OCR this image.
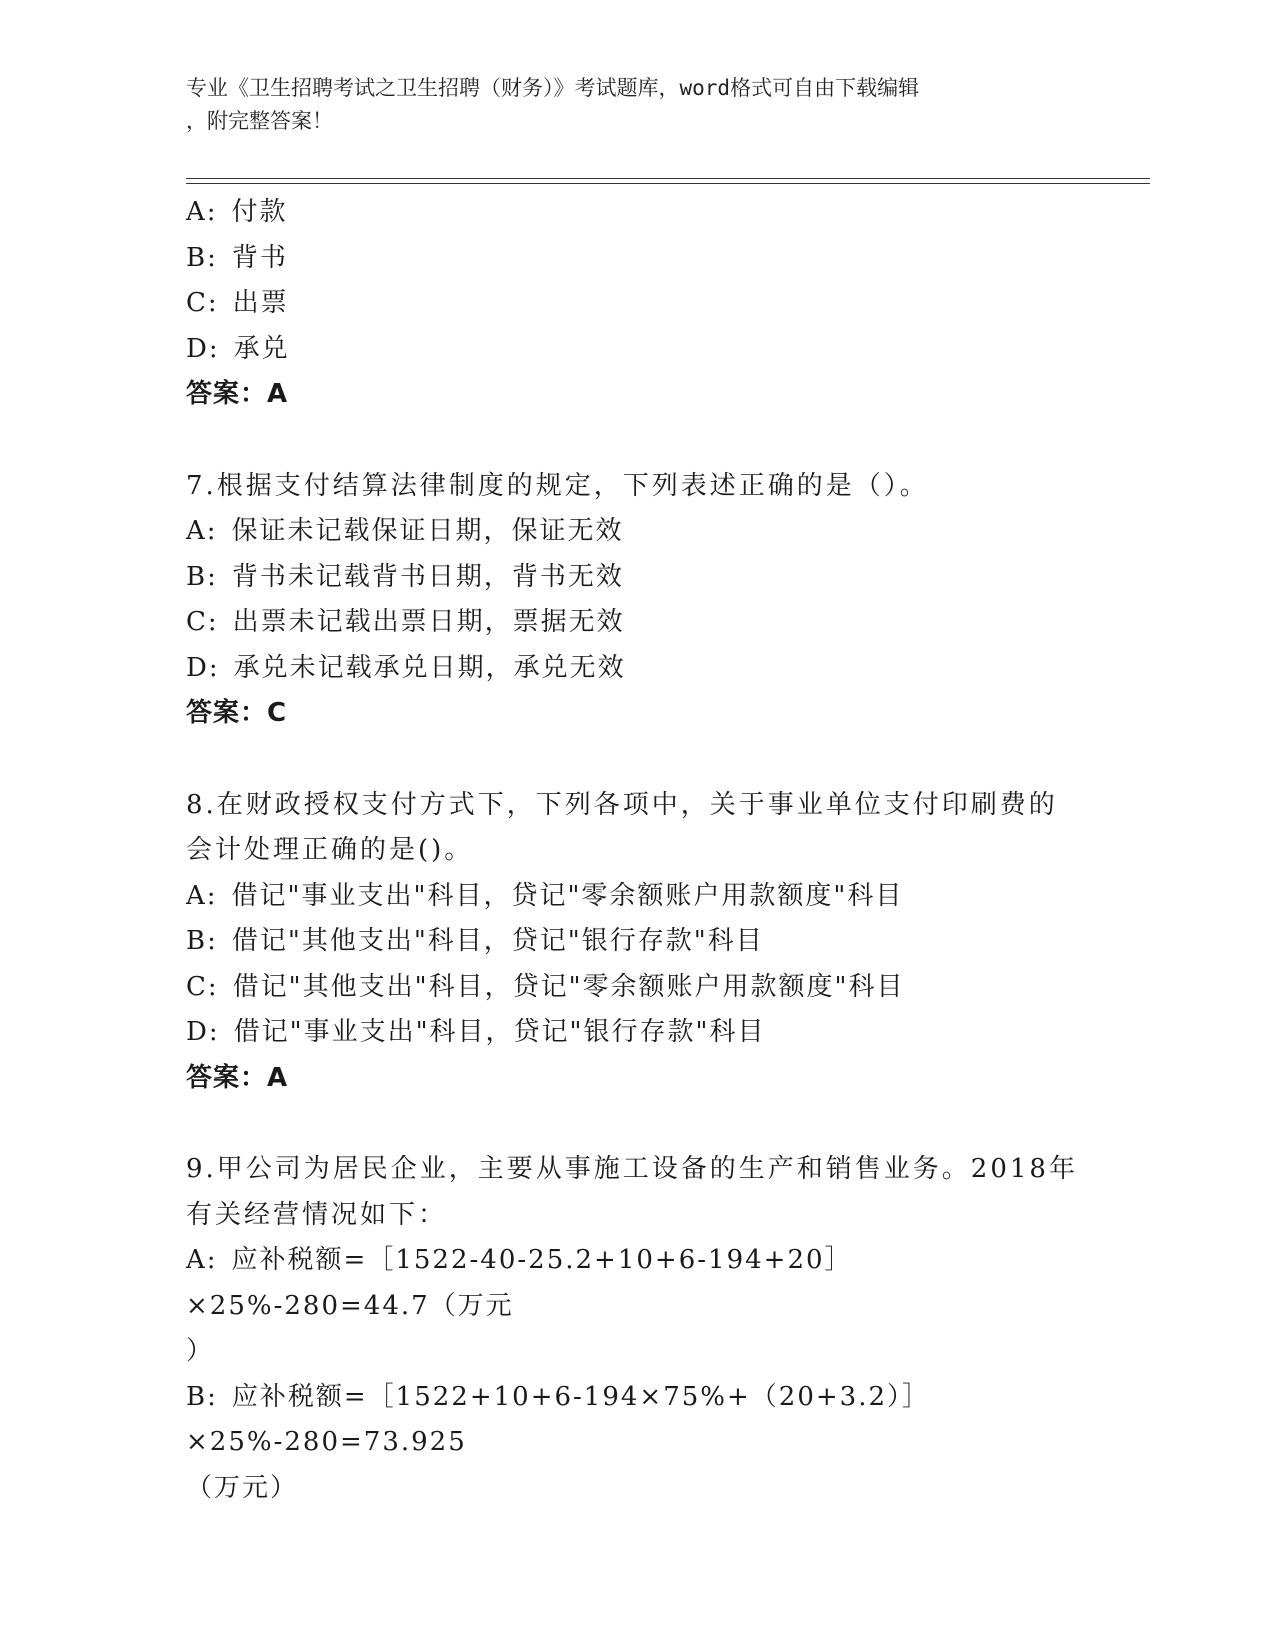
专业《卫生招聘考试之卫生招聘（财务）》考试题库，word格式可自由下载编辑
，附完整答案！
A: 付款
B: 背书
C: 出票
D: 承兑
答案：A
7.根据支付结算法律制度的规定，下列表述正确的是（）。
A: 保证未记载保证日期，保证无效
B: 背书未记载背书日期，背书无效
C: 出票未记载出票日期，票据无效
D: 承兑未记载承兑日期，承兑无效
答案：C
8.在财政授权支付方式下，下列各项中，关于事业单位支付印刷费的
会计处理正确的是()。
A: 借记"事业支出"科目，贷记"零余额账户用款额度"科目
B: 借记"其他支出"科目，贷记"银行存款"科目
C: 借记"其他支出"科目，贷记"零余额账户用款额度"科目
D: 借记"事业支出"科目，贷记"银行存款"科目
答案：A
9.甲公司为居民企业，主要从事施工设备的生产和销售业务。2018年
有关经营情况如下：
A: 应补税额=［1522-40-25.2+10+6-194+20］×25%-280=44.7（万元
）
B: 应补税额=［1522+10+6-194×75%+（20+3.2）］×25%-280=73.925
（万元）
